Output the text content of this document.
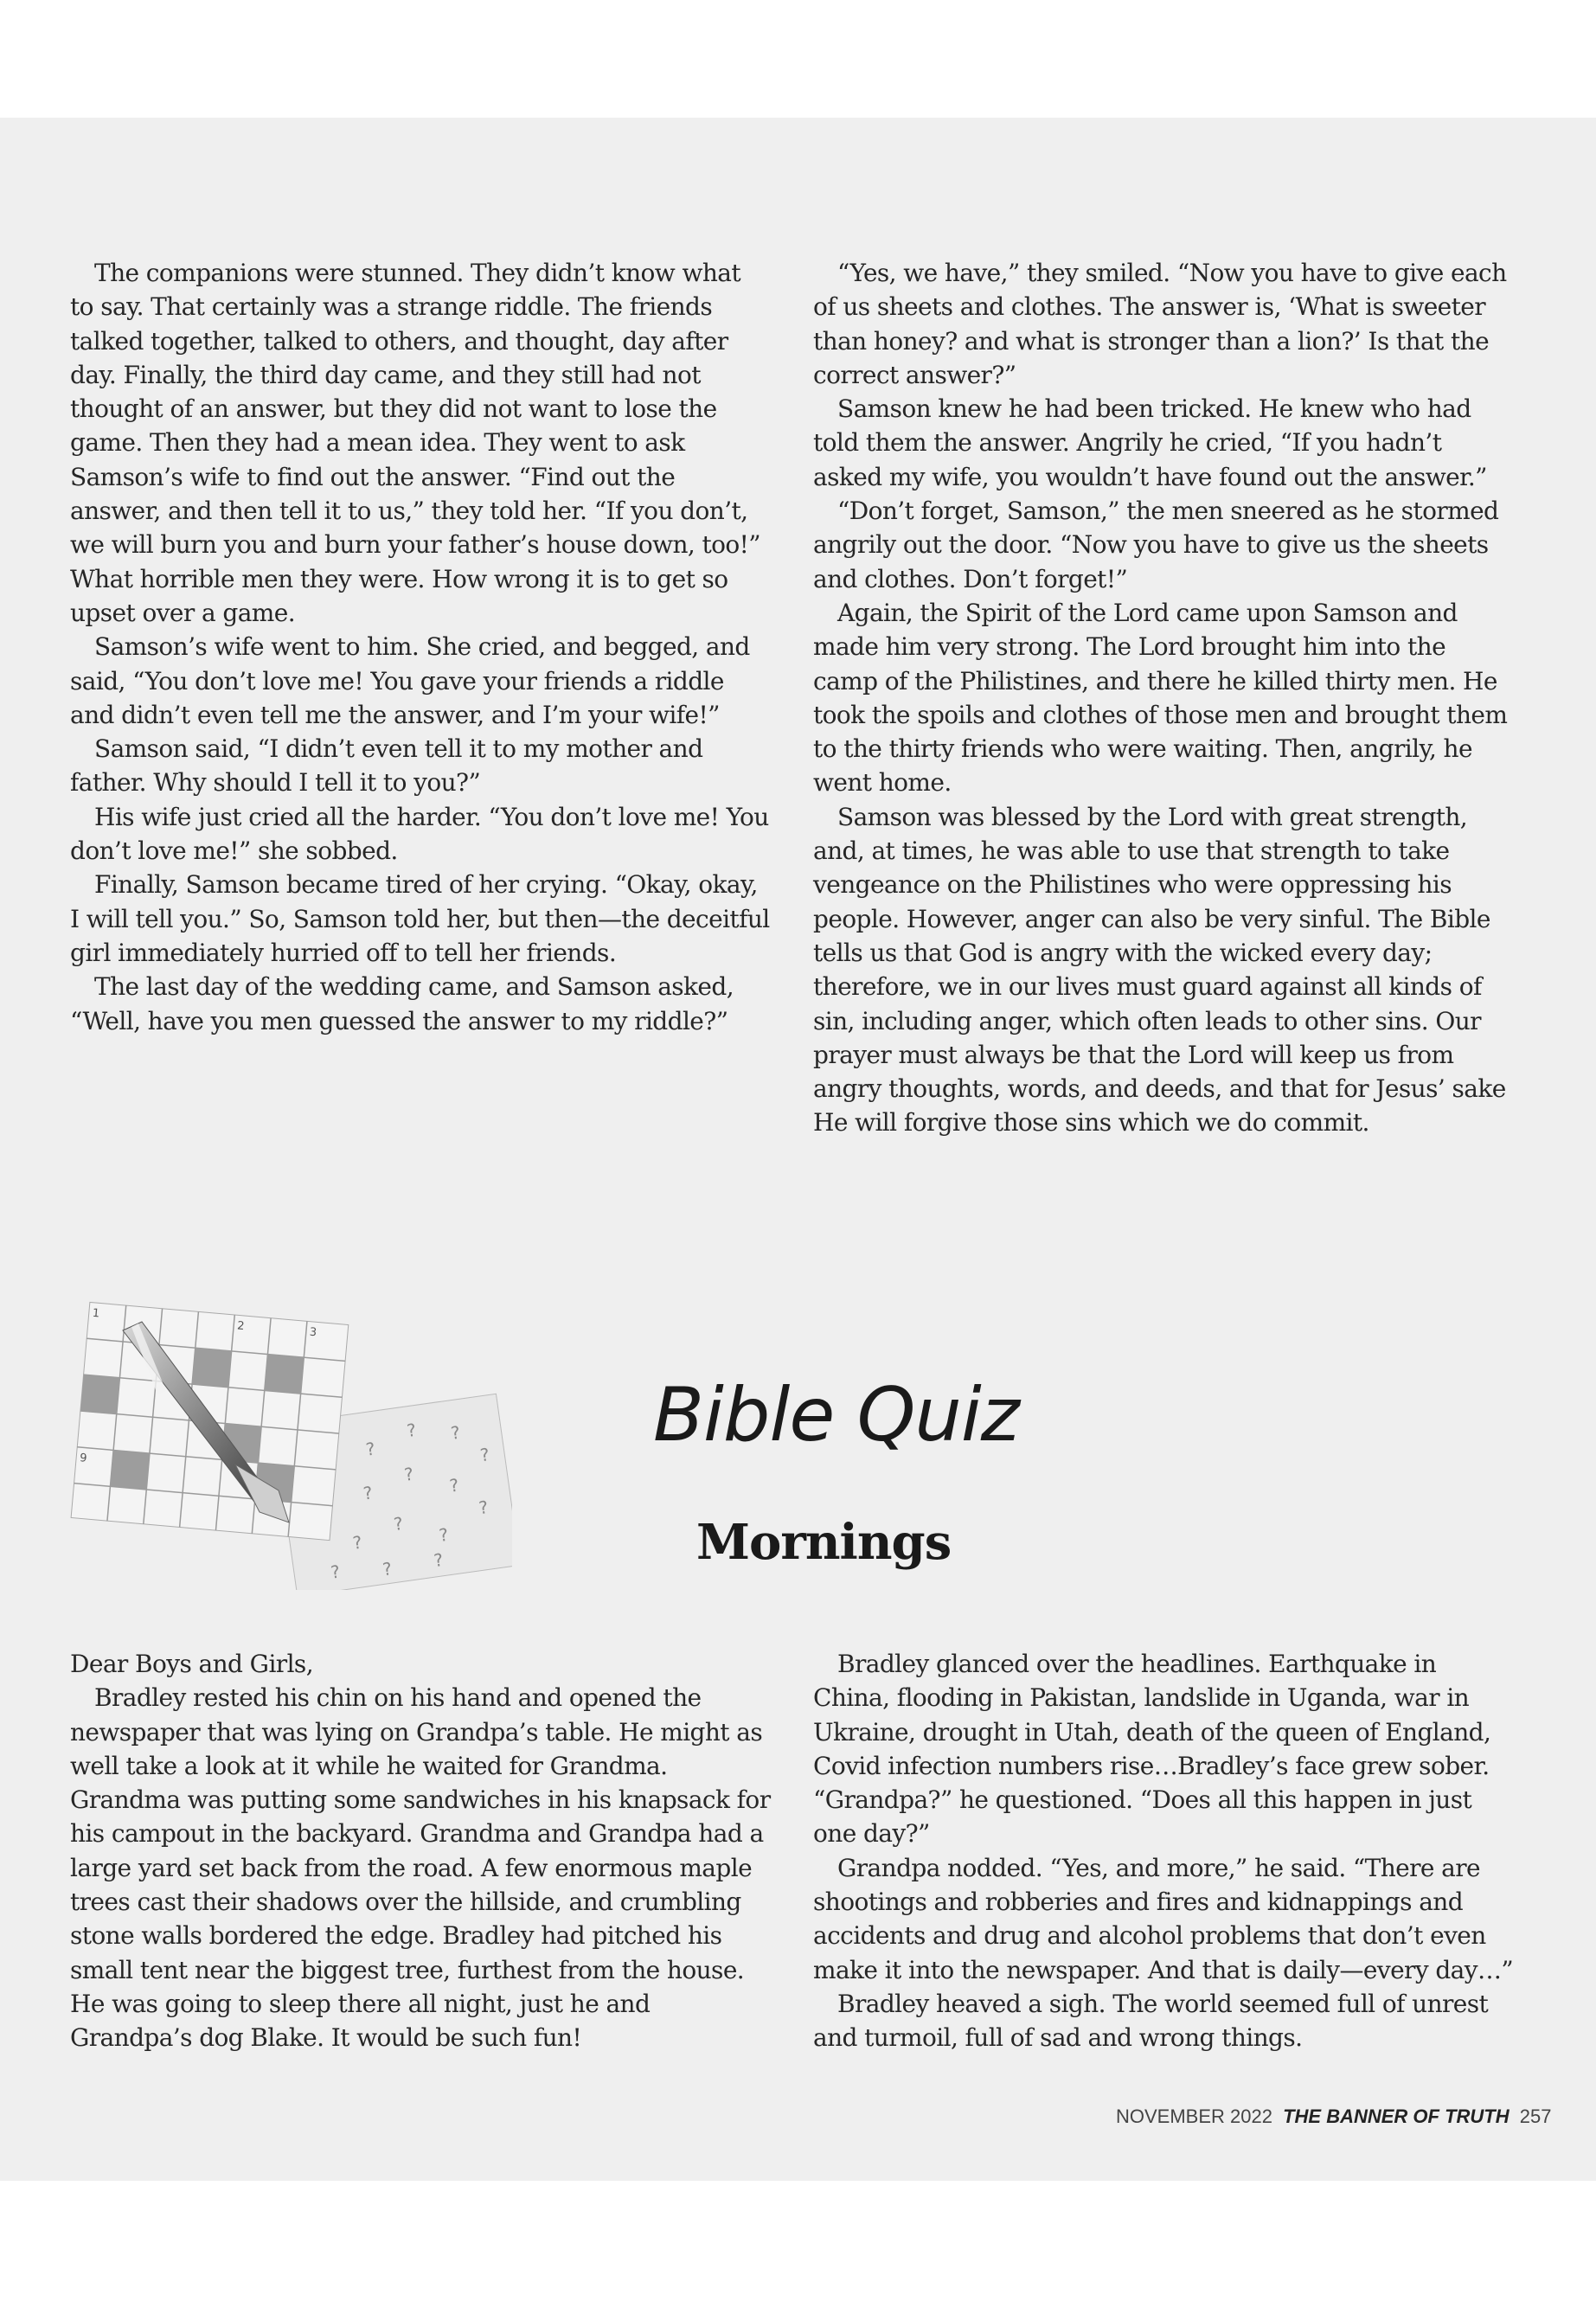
The companions were stunned. They didn’t know what to say. That certainly was a strange riddle. The friends talked together, talked to others, and thought, day after day. Finally, the third day came, and they still had not thought of an answer, but they did not want to lose the game. Then they had a mean idea. They went to ask Samson’s wife to find out the answer. “Find out the answer, and then tell it to us,” they told her. “If you don’t, we will burn you and burn your father’s house down, too!” What horrible men they were. How wrong it is to get so upset over a game.

Samson’s wife went to him. She cried, and begged, and said, “You don’t love me! You gave your friends a riddle and didn’t even tell me the answer, and I’m your wife!”

Samson said, “I didn’t even tell it to my mother and father. Why should I tell it to you?”

His wife just cried all the harder. “You don’t love me! You don’t love me!” she sobbed.

Finally, Samson became tired of her crying. “Okay, okay, I will tell you.” So, Samson told her, but then—the deceitful girl immediately hurried off to tell her friends.

The last day of the wedding came, and Samson asked, “Well, have you men guessed the answer to my riddle?”

“Yes, we have,” they smiled. “Now you have to give each of us sheets and clothes. The answer is, ‘What is sweeter than honey? and what is stronger than a lion?’ Is that the correct answer?”

Samson knew he had been tricked. He knew who had told them the answer. Angrily he cried, “If you hadn’t asked my wife, you wouldn’t have found out the answer.”

“Don’t forget, Samson,” the men sneered as he stormed angrily out the door. “Now you have to give us the sheets and clothes. Don’t forget!”

Again, the Spirit of the Lord came upon Samson and made him very strong. The Lord brought him into the camp of the Philistines, and there he killed thirty men. He took the spoils and clothes of those men and brought them to the thirty friends who were waiting. Then, angrily, he went home.

Samson was blessed by the Lord with great strength, and, at times, he was able to use that strength to take vengeance on the Philistines who were oppressing his people. However, anger can also be very sinful. The Bible tells us that God is angry with the wicked every day; therefore, we in our lives must guard against all kinds of sin, including anger, which often leads to other sins. Our prayer must always be that the Lord will keep us from angry thoughts, words, and deeds, and that for Jesus’ sake He will forgive those sins which we do commit.

?
? ?
?
?
?
?
?
?
?
?
? ? ?
1
2	3
9	Bible Quiz
Mornings

Dear Boys and Girls,

Bradley rested his chin on his hand and opened the newspaper that was lying on Grandpa’s table. He might as well take a look at it while he waited for Grandma. Grandma was putting some sandwiches in his knapsack for his campout in the backyard. Grandma and Grandpa had a large yard set back from the road. A few enormous maple trees cast their shadows over the hillside, and crumbling stone walls bordered the edge. Bradley had pitched his small tent near the biggest tree, furthest from the house. He was going to sleep there all night, just he and Grandpa’s dog Blake. It would be such fun!

Bradley glanced over the headlines. Earthquake in China, flooding in Pakistan, landslide in Uganda, war in Ukraine, drought in Utah, death of the queen of England, Covid infection numbers rise…Bradley’s face grew sober. “Grandpa?” he questioned. “Does all this happen in just one day?”

Grandpa nodded. “Yes, and more,” he said. “There are shootings and robberies and fires and kidnappings and accidents and drug and alcohol problems that don’t even make it into the newspaper. And that is daily—every day…”

Bradley heaved a sigh. The world seemed full of unrest and turmoil, full of sad and wrong things.

NOVEMBER 2022 THE BANNER OF TRUTH 257
